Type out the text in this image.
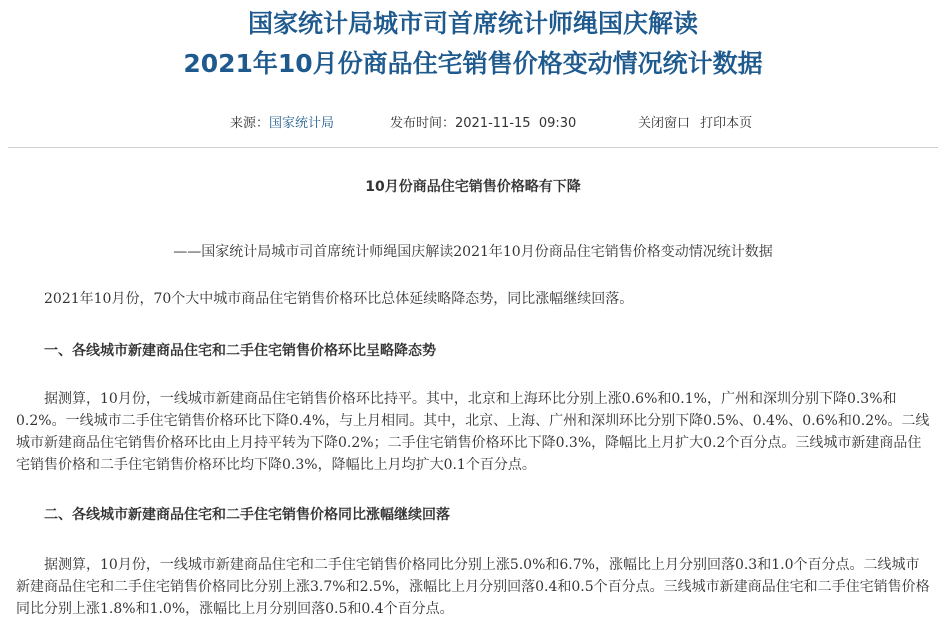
国家统计局城市司首席统计师绳国庆解读
2021年10月份商品住宅销售价格变动情况统计数据
来源：国家统计局	发布时间：2021-11-15  09:30	关闭窗口 打印本页

10月份商品住宅销售价格略有下降

——国家统计局城市司首席统计师绳国庆解读2021年10月份商品住宅销售价格变动情况统计数据

2021年10月份，70个大中城市商品住宅销售价格环比总体延续略降态势，同比涨幅继续回落。

一、各线城市新建商品住宅和二手住宅销售价格环比呈略降态势

据测算，10月份，一线城市新建商品住宅销售价格环比持平。其中，北京和上海环比分别上涨0.6%和0.1%，广州和深圳分别下降0.3%和0.2%。一线城市二手住宅销售价格环比下降0.4%，与上月相同。其中，北京、上海、广州和深圳环比分别下降0.5%、0.4%、0.6%和0.2%。二线城市新建商品住宅销售价格环比由上月持平转为下降0.2%；二手住宅销售价格环比下降0.3%，降幅比上月扩大0.2个百分点。三线城市新建商品住宅销售价格和二手住宅销售价格环比均下降0.3%，降幅比上月均扩大0.1个百分点。

二、各线城市新建商品住宅和二手住宅销售价格同比涨幅继续回落

据测算，10月份，一线城市新建商品住宅和二手住宅销售价格同比分别上涨5.0%和6.7%，涨幅比上月分别回落0.3和1.0个百分点。二线城市新建商品住宅和二手住宅销售价格同比分别上涨3.7%和2.5%，涨幅比上月分别回落0.4和0.5个百分点。三线城市新建商品住宅和二手住宅销售价格同比分别上涨1.8%和1.0%，涨幅比上月分别回落0.5和0.4个百分点。
